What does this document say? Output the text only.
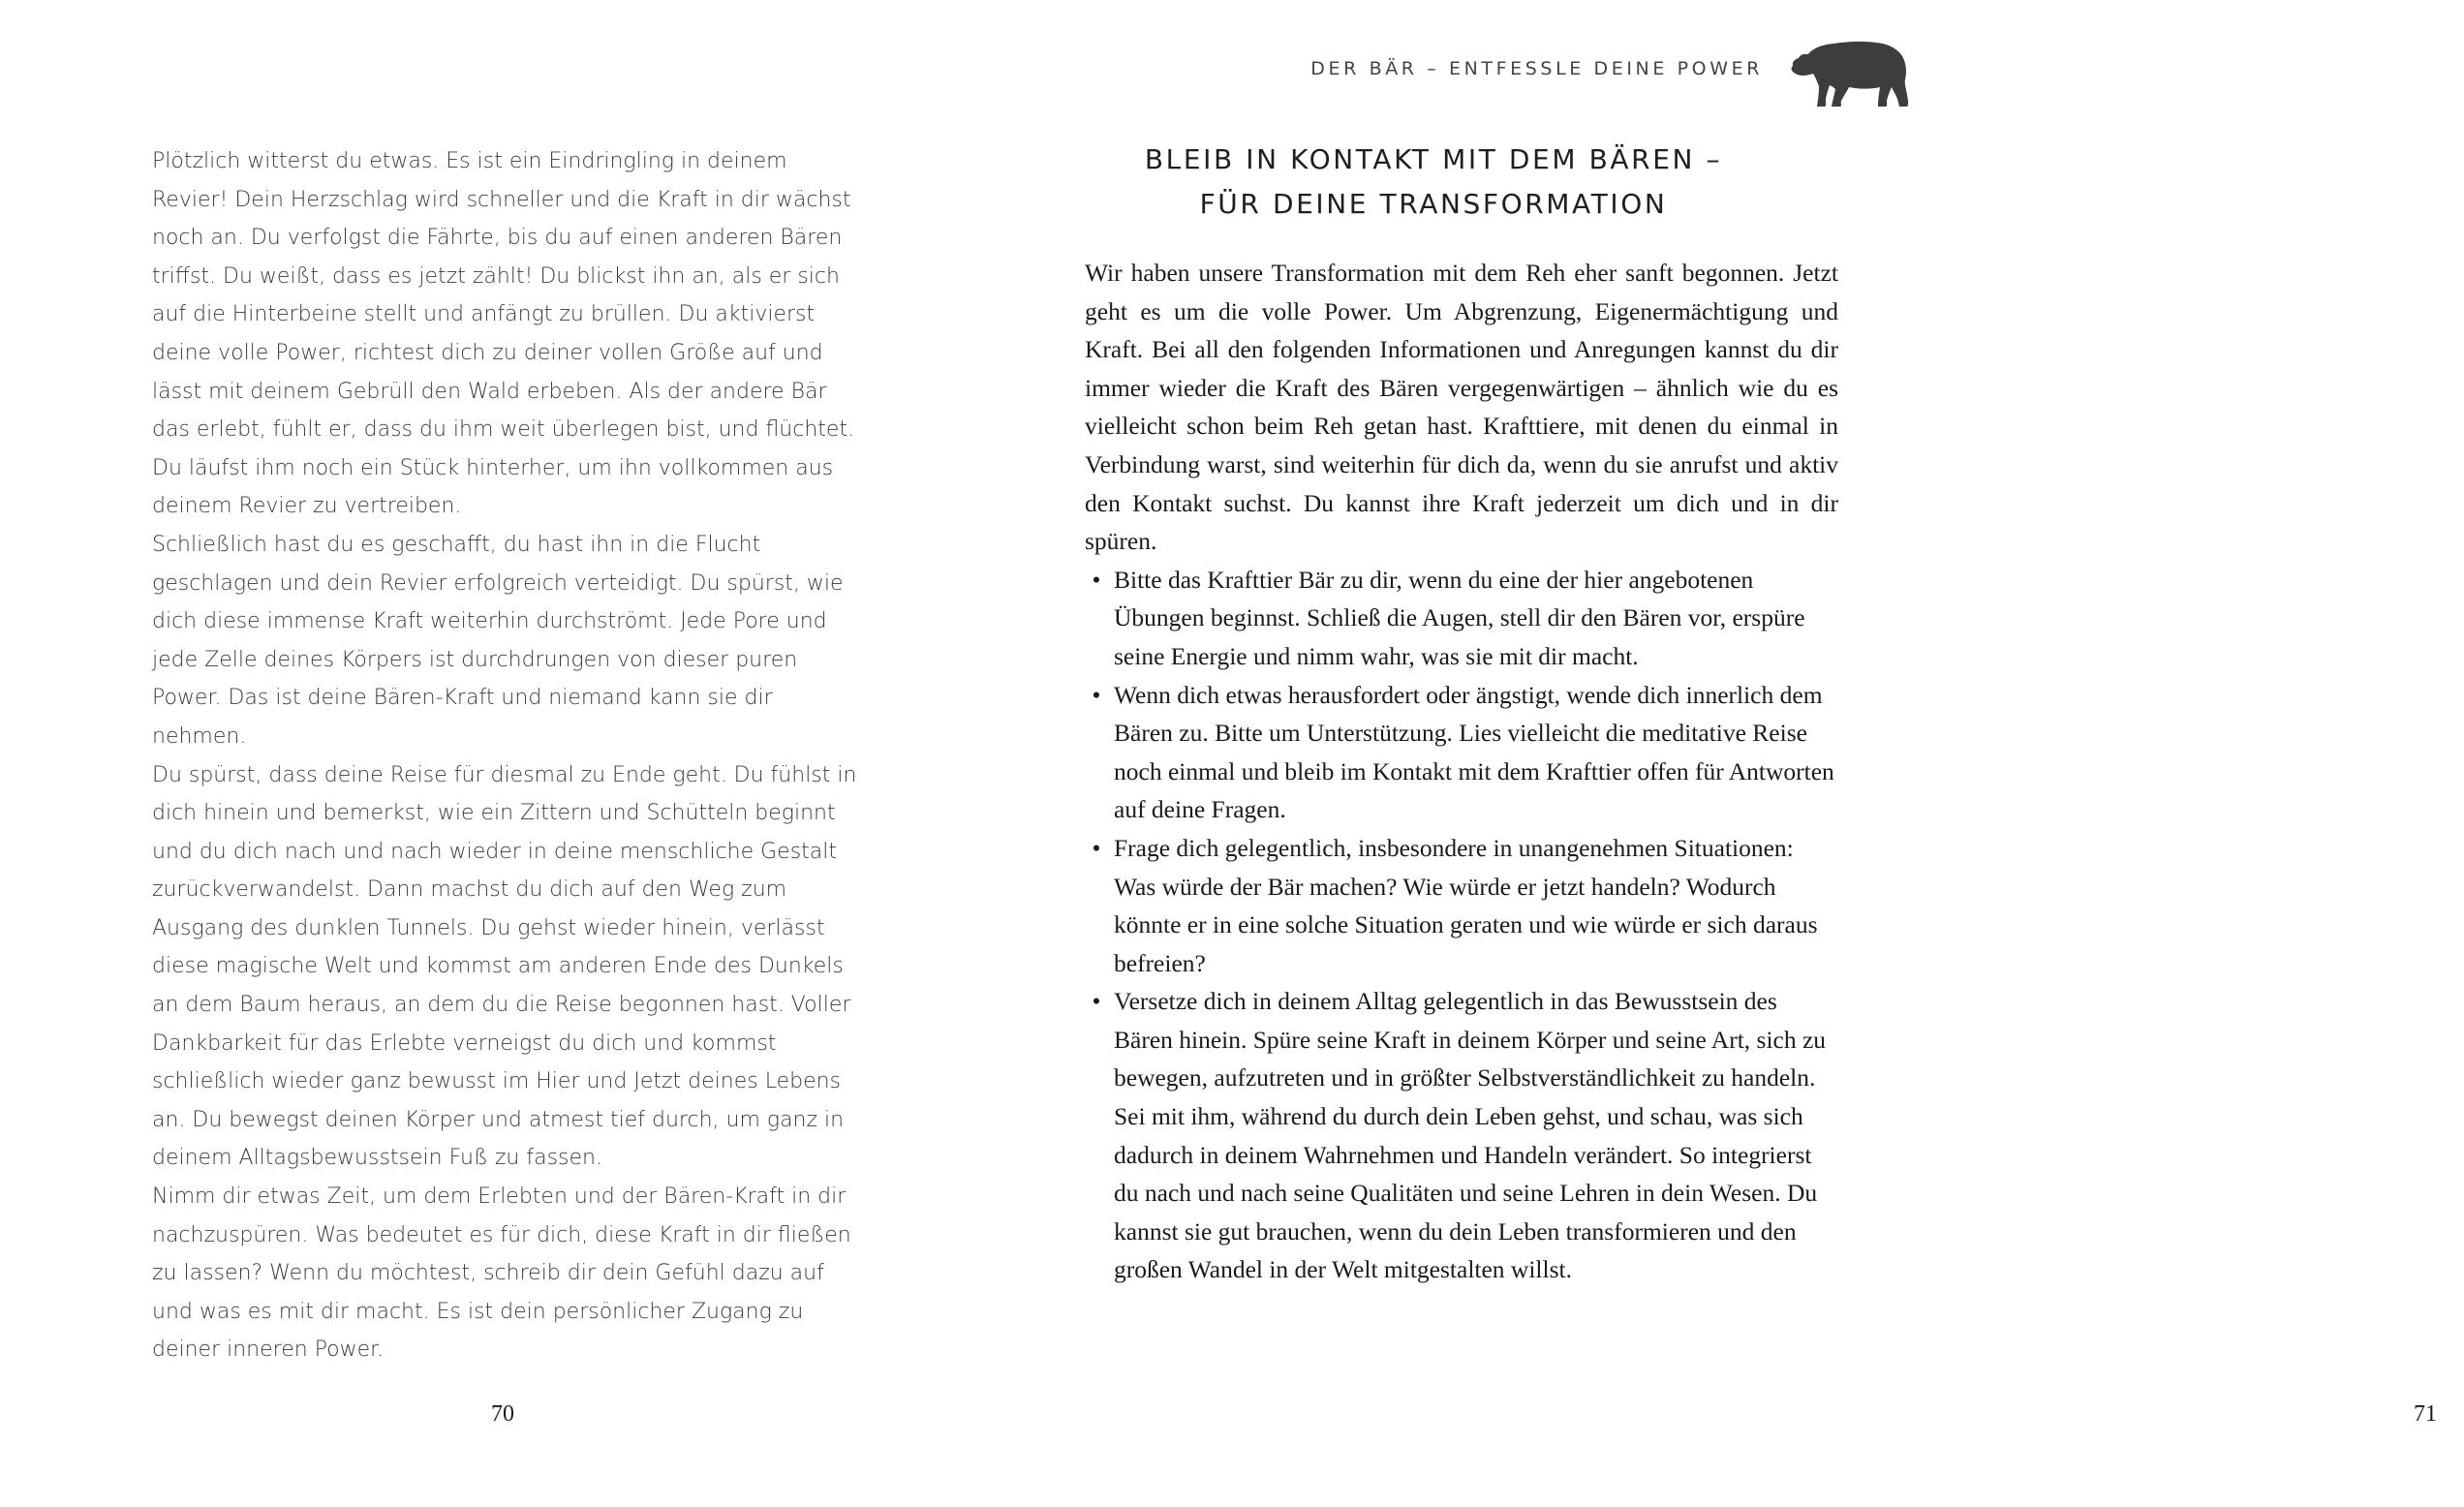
Plötzlich witterst du etwas. Es ist ein Eindringling in deinem Revier! Dein Herzschlag wird schneller und die Kraft in dir wächst noch an. Du verfolgst die Fährte, bis du auf einen anderen Bären triffst. Du weißt, dass es jetzt zählt! Du blickst ihn an, als er sich auf die Hinterbeine stellt und anfängt zu brüllen. Du aktivierst deine volle Power, richtest dich zu deiner vollen Größe auf und lässt mit deinem Gebrüll den Wald erbeben. Als der andere Bär das erlebt, fühlt er, dass du ihm weit überlegen bist, und flüchtet. Du läufst ihm noch ein Stück hinterher, um ihn vollkommen aus deinem Revier zu vertreiben.

Schließlich hast du es geschafft, du hast ihn in die Flucht geschlagen und dein Revier erfolgreich verteidigt. Du spürst, wie dich diese immense Kraft weiterhin durchströmt. Jede Pore und jede Zelle deines Körpers ist durchdrungen von dieser puren Power. Das ist deine Bären-Kraft und niemand kann sie dir nehmen.

Du spürst, dass deine Reise für diesmal zu Ende geht. Du fühlst in dich hinein und bemerkst, wie ein Zittern und Schütteln beginnt und du dich nach und nach wieder in deine menschliche Gestalt zurückverwandelst. Dann machst du dich auf den Weg zum Ausgang des dunklen Tunnels. Du gehst wieder hinein, verlässt diese magische Welt und kommst am anderen Ende des Dunkels an dem Baum heraus, an dem du die Reise begonnen hast. Voller Dankbarkeit für das Erlebte verneigst du dich und kommst schließlich wieder ganz bewusst im Hier und Jetzt deines Lebens an. Du bewegst deinen Körper und atmest tief durch, um ganz in deinem Alltagsbewusstsein Fuß zu fassen.

Nimm dir etwas Zeit, um dem Erlebten und der Bären-Kraft in dir nachzuspüren. Was bedeutet es für dich, diese Kraft in dir fließen zu lassen? Wenn du möchtest, schreib dir dein Gefühl dazu auf und was es mit dir macht. Es ist dein persönlicher Zugang zu deiner inneren Power.

70
DER BÄR – ENTFESSLE DEINE POWER
BLEIB IN KONTAKT MIT DEM BÄREN –
FÜR DEINE TRANSFORMATION

Wir haben unsere Transformation mit dem Reh eher sanft begonnen. Jetzt geht es um die volle Power. Um Abgrenzung, Eigenermächtigung und Kraft. Bei all den folgenden Informationen und Anregungen kannst du dir immer wieder die Kraft des Bären vergegenwärtigen – ähnlich wie du es vielleicht schon beim Reh getan hast. Krafttiere, mit denen du einmal in Verbindung warst, sind weiterhin für dich da, wenn du sie anrufst und aktiv den Kontakt suchst. Du kannst ihre Kraft jederzeit um dich und in dir spüren.

• Bitte das Krafttier Bär zu dir, wenn du eine der hier angebotenen Übungen beginnst. Schließ die Augen, stell dir den Bären vor, erspüre seine Energie und nimm wahr, was sie mit dir macht.
• Wenn dich etwas herausfordert oder ängstigt, wende dich innerlich dem Bären zu. Bitte um Unterstützung. Lies vielleicht die meditative Reise noch einmal und bleib im Kontakt mit dem Krafttier offen für Antworten auf deine Fragen.
• Frage dich gelegentlich, insbesondere in unangenehmen Situationen: Was würde der Bär machen? Wie würde er jetzt handeln? Wodurch könnte er in eine solche Situation geraten und wie würde er sich daraus befreien?
• Versetze dich in deinem Alltag gelegentlich in das Bewusstsein des Bären hinein. Spüre seine Kraft in deinem Körper und seine Art, sich zu bewegen, aufzutreten und in größter Selbstverständlichkeit zu handeln. Sei mit ihm, während du durch dein Leben gehst, und schau, was sich dadurch in deinem Wahrnehmen und Handeln verändert. So integrierst du nach und nach seine Qualitäten und seine Lehren in dein Wesen. Du kannst sie gut brauchen, wenn du dein Leben transformieren und den großen Wandel in der Welt mitgestalten willst.
71
